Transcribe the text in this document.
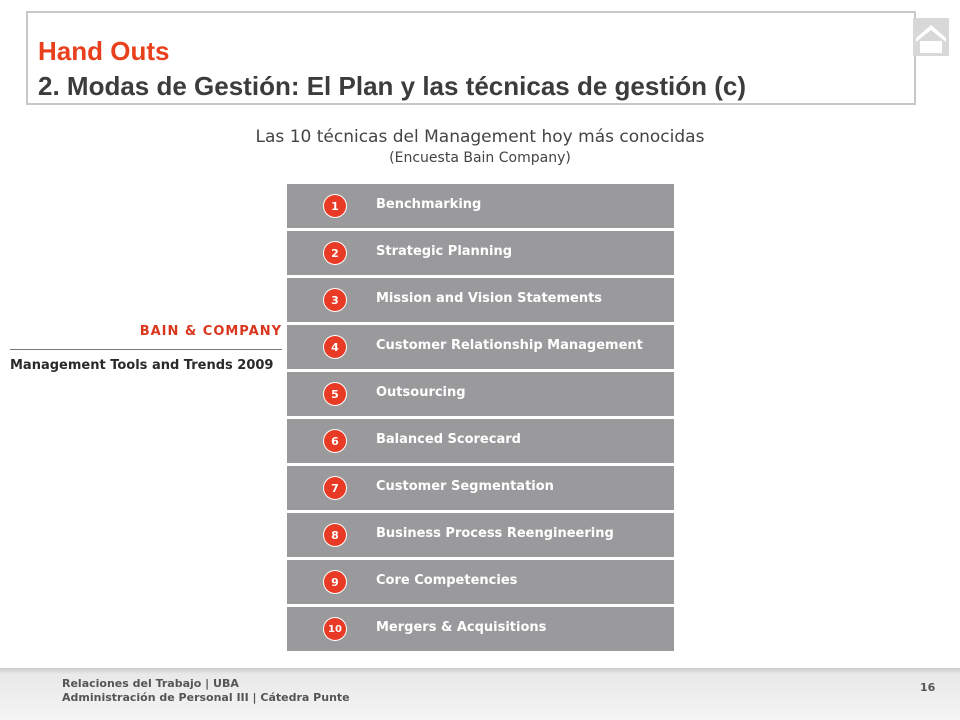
Hand Outs
2. Modas de Gestión: El Plan y las técnicas de gestión (c)
Las 10 técnicas del Management hoy más conocidas
(Encuesta Bain Company)
BAIN & COMPANY
Management Tools and Trends 2009
1	Benchmarking
2	Strategic Planning
3	Mission and Vision Statements
4	Customer Relationship Management
5	Outsourcing
6	Balanced Scorecard
7	Customer Segmentation
8	Business Process Reengineering
9	Core Competencies
10	Mergers & Acquisitions
Relaciones del Trabajo | UBA
Administración de Personal III | Cátedra Punte
16
